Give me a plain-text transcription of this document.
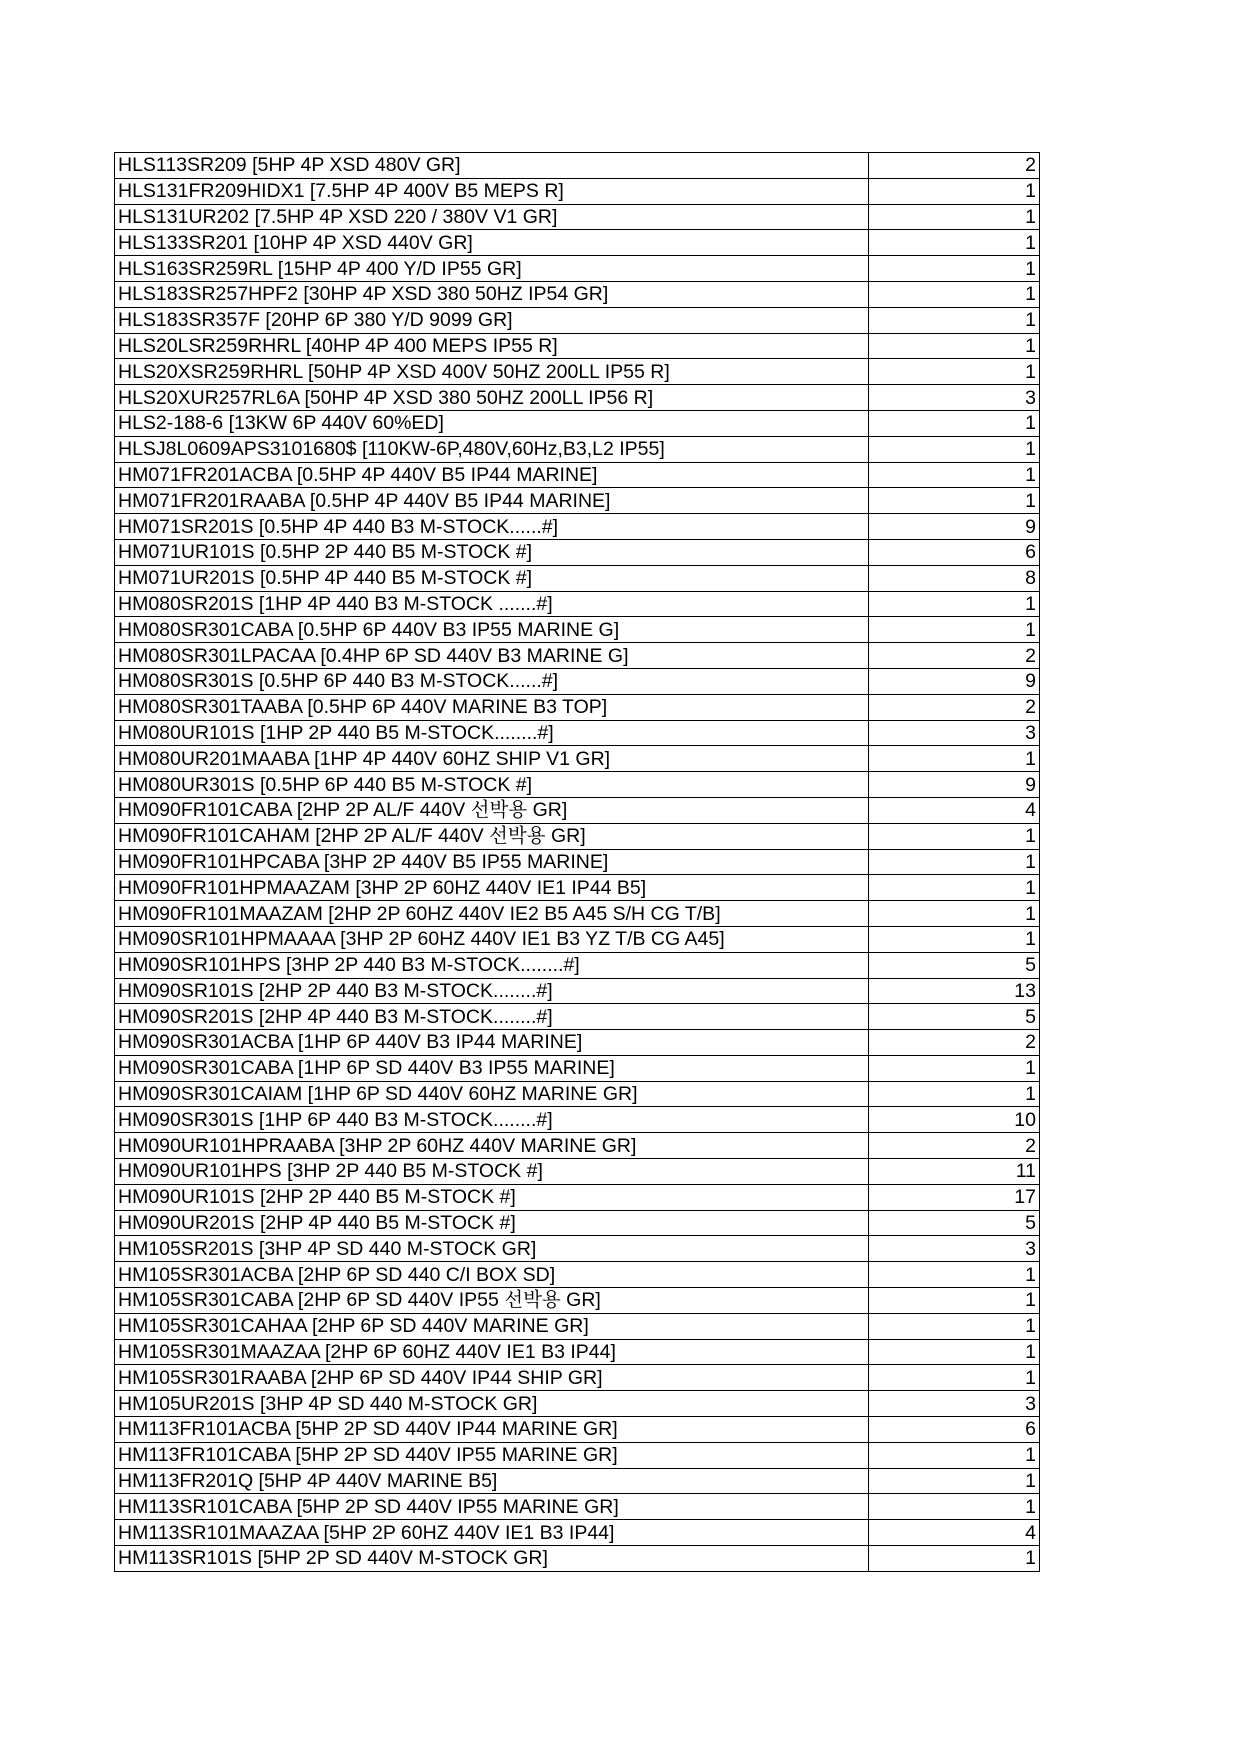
HLS113SR209 [5HP 4P XSD 480V GR]	2
HLS131FR209HIDX1 [7.5HP 4P 400V B5 MEPS R]	1
HLS131UR202 [7.5HP 4P XSD 220 / 380V V1 GR]	1
HLS133SR201 [10HP 4P XSD 440V GR]	1
HLS163SR259RL [15HP 4P 400 Y/D IP55 GR]	1
HLS183SR257HPF2 [30HP 4P XSD 380 50HZ IP54 GR]	1
HLS183SR357F [20HP 6P 380 Y/D 9099 GR]	1
HLS20LSR259RHRL [40HP 4P 400 MEPS IP55 R]	1
HLS20XSR259RHRL [50HP 4P XSD 400V 50HZ 200LL IP55 R]	1
HLS20XUR257RL6A [50HP 4P XSD 380 50HZ 200LL IP56 R]	3
HLS2-188-6 [13KW 6P 440V 60%ED]	1
HLSJ8L0609APS3101680$ [110KW-6P,480V,60Hz,B3,L2 IP55]	1
HM071FR201ACBA [0.5HP 4P 440V B5 IP44 MARINE]	1
HM071FR201RAABA [0.5HP 4P 440V B5 IP44 MARINE]	1
HM071SR201S [0.5HP 4P 440 B3 M-STOCK......#]	9
HM071UR101S [0.5HP 2P 440 B5 M-STOCK #]	6
HM071UR201S [0.5HP 4P 440 B5 M-STOCK #]	8
HM080SR201S [1HP 4P 440 B3 M-STOCK .......#]	1
HM080SR301CABA [0.5HP 6P 440V B3 IP55 MARINE G]	1
HM080SR301LPACAA [0.4HP 6P SD 440V B3 MARINE G]	2
HM080SR301S [0.5HP 6P 440 B3 M-STOCK......#]	9
HM080SR301TAABA [0.5HP 6P 440V MARINE B3 TOP]	2
HM080UR101S [1HP 2P 440 B5 M-STOCK........#]	3
HM080UR201MAABA [1HP 4P 440V 60HZ SHIP V1 GR]	1
HM080UR301S [0.5HP 6P 440 B5 M-STOCK #]	9
HM090FR101CABA [2HP 2P AL/F 440V 선박용 GR]	4
HM090FR101CAHAM [2HP 2P AL/F 440V 선박용 GR]	1
HM090FR101HPCABA [3HP 2P 440V B5 IP55 MARINE]	1
HM090FR101HPMAAZAM [3HP 2P 60HZ 440V IE1 IP44 B5]	1
HM090FR101MAAZAM [2HP 2P 60HZ 440V IE2 B5 A45 S/H CG T/B]	1
HM090SR101HPMAAAA [3HP 2P 60HZ 440V IE1 B3 YZ T/B CG A45]	1
HM090SR101HPS [3HP 2P 440 B3 M-STOCK........#]	5
HM090SR101S [2HP 2P 440 B3 M-STOCK........#]	13
HM090SR201S [2HP 4P 440 B3 M-STOCK........#]	5
HM090SR301ACBA [1HP 6P 440V B3 IP44 MARINE]	2
HM090SR301CABA [1HP 6P SD 440V B3 IP55 MARINE]	1
HM090SR301CAIAM [1HP 6P SD 440V 60HZ MARINE GR]	1
HM090SR301S [1HP 6P 440 B3 M-STOCK........#]	10
HM090UR101HPRAABA [3HP 2P 60HZ 440V MARINE GR]	2
HM090UR101HPS [3HP 2P 440 B5 M-STOCK #]	11
HM090UR101S [2HP 2P 440 B5 M-STOCK #]	17
HM090UR201S [2HP 4P 440 B5 M-STOCK #]	5
HM105SR201S [3HP 4P SD 440 M-STOCK GR]	3
HM105SR301ACBA [2HP 6P SD 440 C/I BOX SD]	1
HM105SR301CABA [2HP 6P SD 440V IP55 선박용 GR]	1
HM105SR301CAHAA [2HP 6P SD 440V MARINE GR]	1
HM105SR301MAAZAA [2HP 6P 60HZ 440V IE1 B3 IP44]	1
HM105SR301RAABA [2HP 6P SD 440V IP44 SHIP GR]	1
HM105UR201S [3HP 4P SD 440 M-STOCK GR]	3
HM113FR101ACBA [5HP 2P SD 440V IP44 MARINE GR]	6
HM113FR101CABA [5HP 2P SD 440V IP55 MARINE GR]	1
HM113FR201Q [5HP 4P 440V MARINE B5]	1
HM113SR101CABA [5HP 2P SD 440V IP55 MARINE GR]	1
HM113SR101MAAZAA [5HP 2P 60HZ 440V IE1 B3 IP44]	4
HM113SR101S [5HP 2P SD 440V M-STOCK GR]	1
